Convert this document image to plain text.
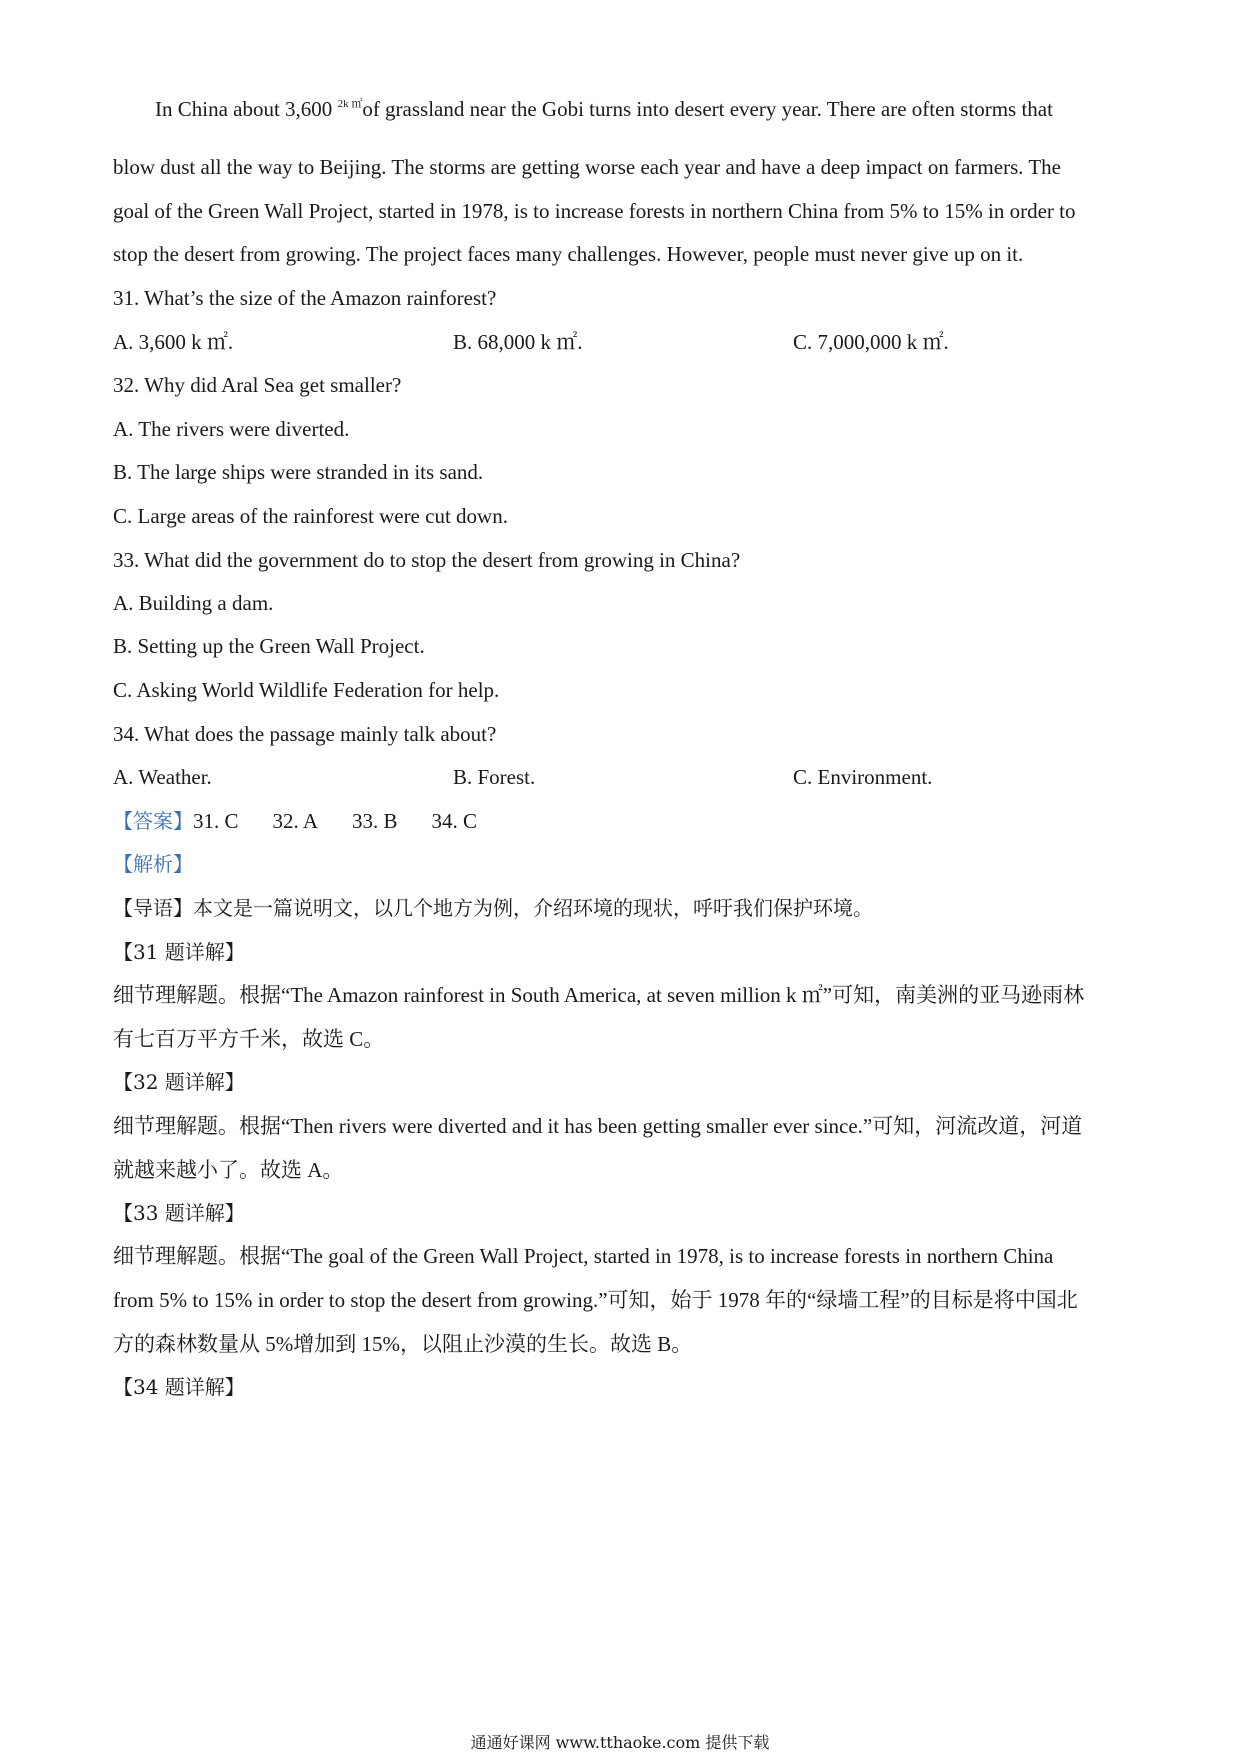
In China about 3,600 $^{2k ㎡}$of grassland near the Gobi turns into desert every year. There are often storms that
blow dust all the way to Beijing. The storms are getting worse each year and have a deep impact on farmers. The
goal of the Green Wall Project, started in 1978, is to increase forests in northern China from 5% to 15% in order to
stop the desert from growing. The project faces many challenges. However, people must never give up on it.
31. What’s the size of the Amazon rainforest?
A. 3,600 k ㎡.	B. 68,000 k ㎡.	C. 7,000,000 k ㎡.
32. Why did Aral Sea get smaller?
A. The rivers were diverted.
B. The large ships were stranded in its sand.
C. Large areas of the rainforest were cut down.
33. What did the government do to stop the desert from growing in China?
A. Building a dam.
B. Setting up the Green Wall Project.
C. Asking World Wildlife Federation for help.
34. What does the passage mainly talk about?
A. Weather.	B. Forest.	C. Environment.
【答案】31. C 32. A 33. B 34. C
【解析】
【导语】本文是一篇说明文，以几个地方为例，介绍环境的现状，呼吁我们保护环境。
【31 题详解】
细节理解题。根据“The Amazon rainforest in South America, at seven million k ㎡”可知，南美洲的亚马逊雨林
有七百万平方千米，故选 C。
【32 题详解】
细节理解题。根据“Then rivers were diverted and it has been getting smaller ever since.”可知，河流改道，河道
就越来越小了。故选 A。
【33 题详解】
细节理解题。根据“The goal of the Green Wall Project, started in 1978, is to increase forests in northern China
from 5% to 15% in order to stop the desert from growing.”可知，始于 1978 年的“绿墙工程”的目标是将中国北
方的森林数量从 5%增加到 15%，以阻止沙漠的生长。故选 B。
【34 题详解】
通通好课网 www.tthaoke.com 提供下载
